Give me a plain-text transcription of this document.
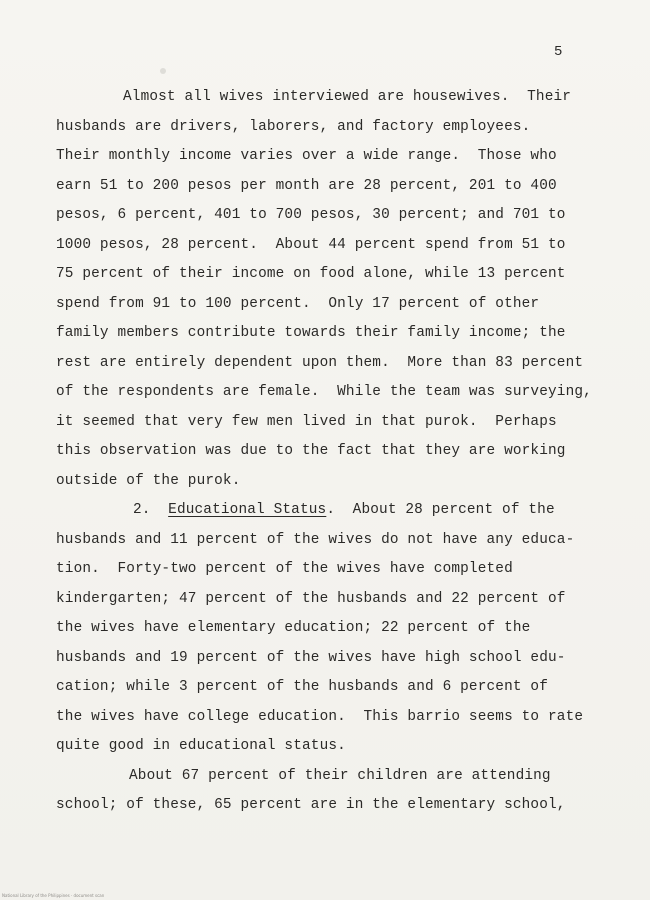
5
Almost all wives interviewed are housewives.  Their
husbands are drivers, laborers, and factory employees.
Their monthly income varies over a wide range.  Those who
earn 51 to 200 pesos per month are 28 percent, 201 to 400
pesos, 6 percent, 401 to 700 pesos, 30 percent; and 701 to
1000 pesos, 28 percent.  About 44 percent spend from 51 to
75 percent of their income on food alone, while 13 percent
spend from 91 to 100 percent.  Only 17 percent of other
family members contribute towards their family income; the
rest are entirely dependent upon them.  More than 83 percent
of the respondents are female.  While the team was surveying,
it seemed that very few men lived in that purok.  Perhaps
this observation was due to the fact that they are working
outside of the purok.
2. Educational Status.  About 28 percent of the
husbands and 11 percent of the wives do not have any educa-
tion.  Forty-two percent of the wives have completed
kindergarten; 47 percent of the husbands and 22 percent of
the wives have elementary education; 22 percent of the
husbands and 19 percent of the wives have high school edu-
cation; while 3 percent of the husbands and 6 percent of
the wives have college education.  This barrio seems to rate
quite good in educational status.
About 67 percent of their children are attending
school; of these, 65 percent are in the elementary school,
National Library of the Philippines · document scan
